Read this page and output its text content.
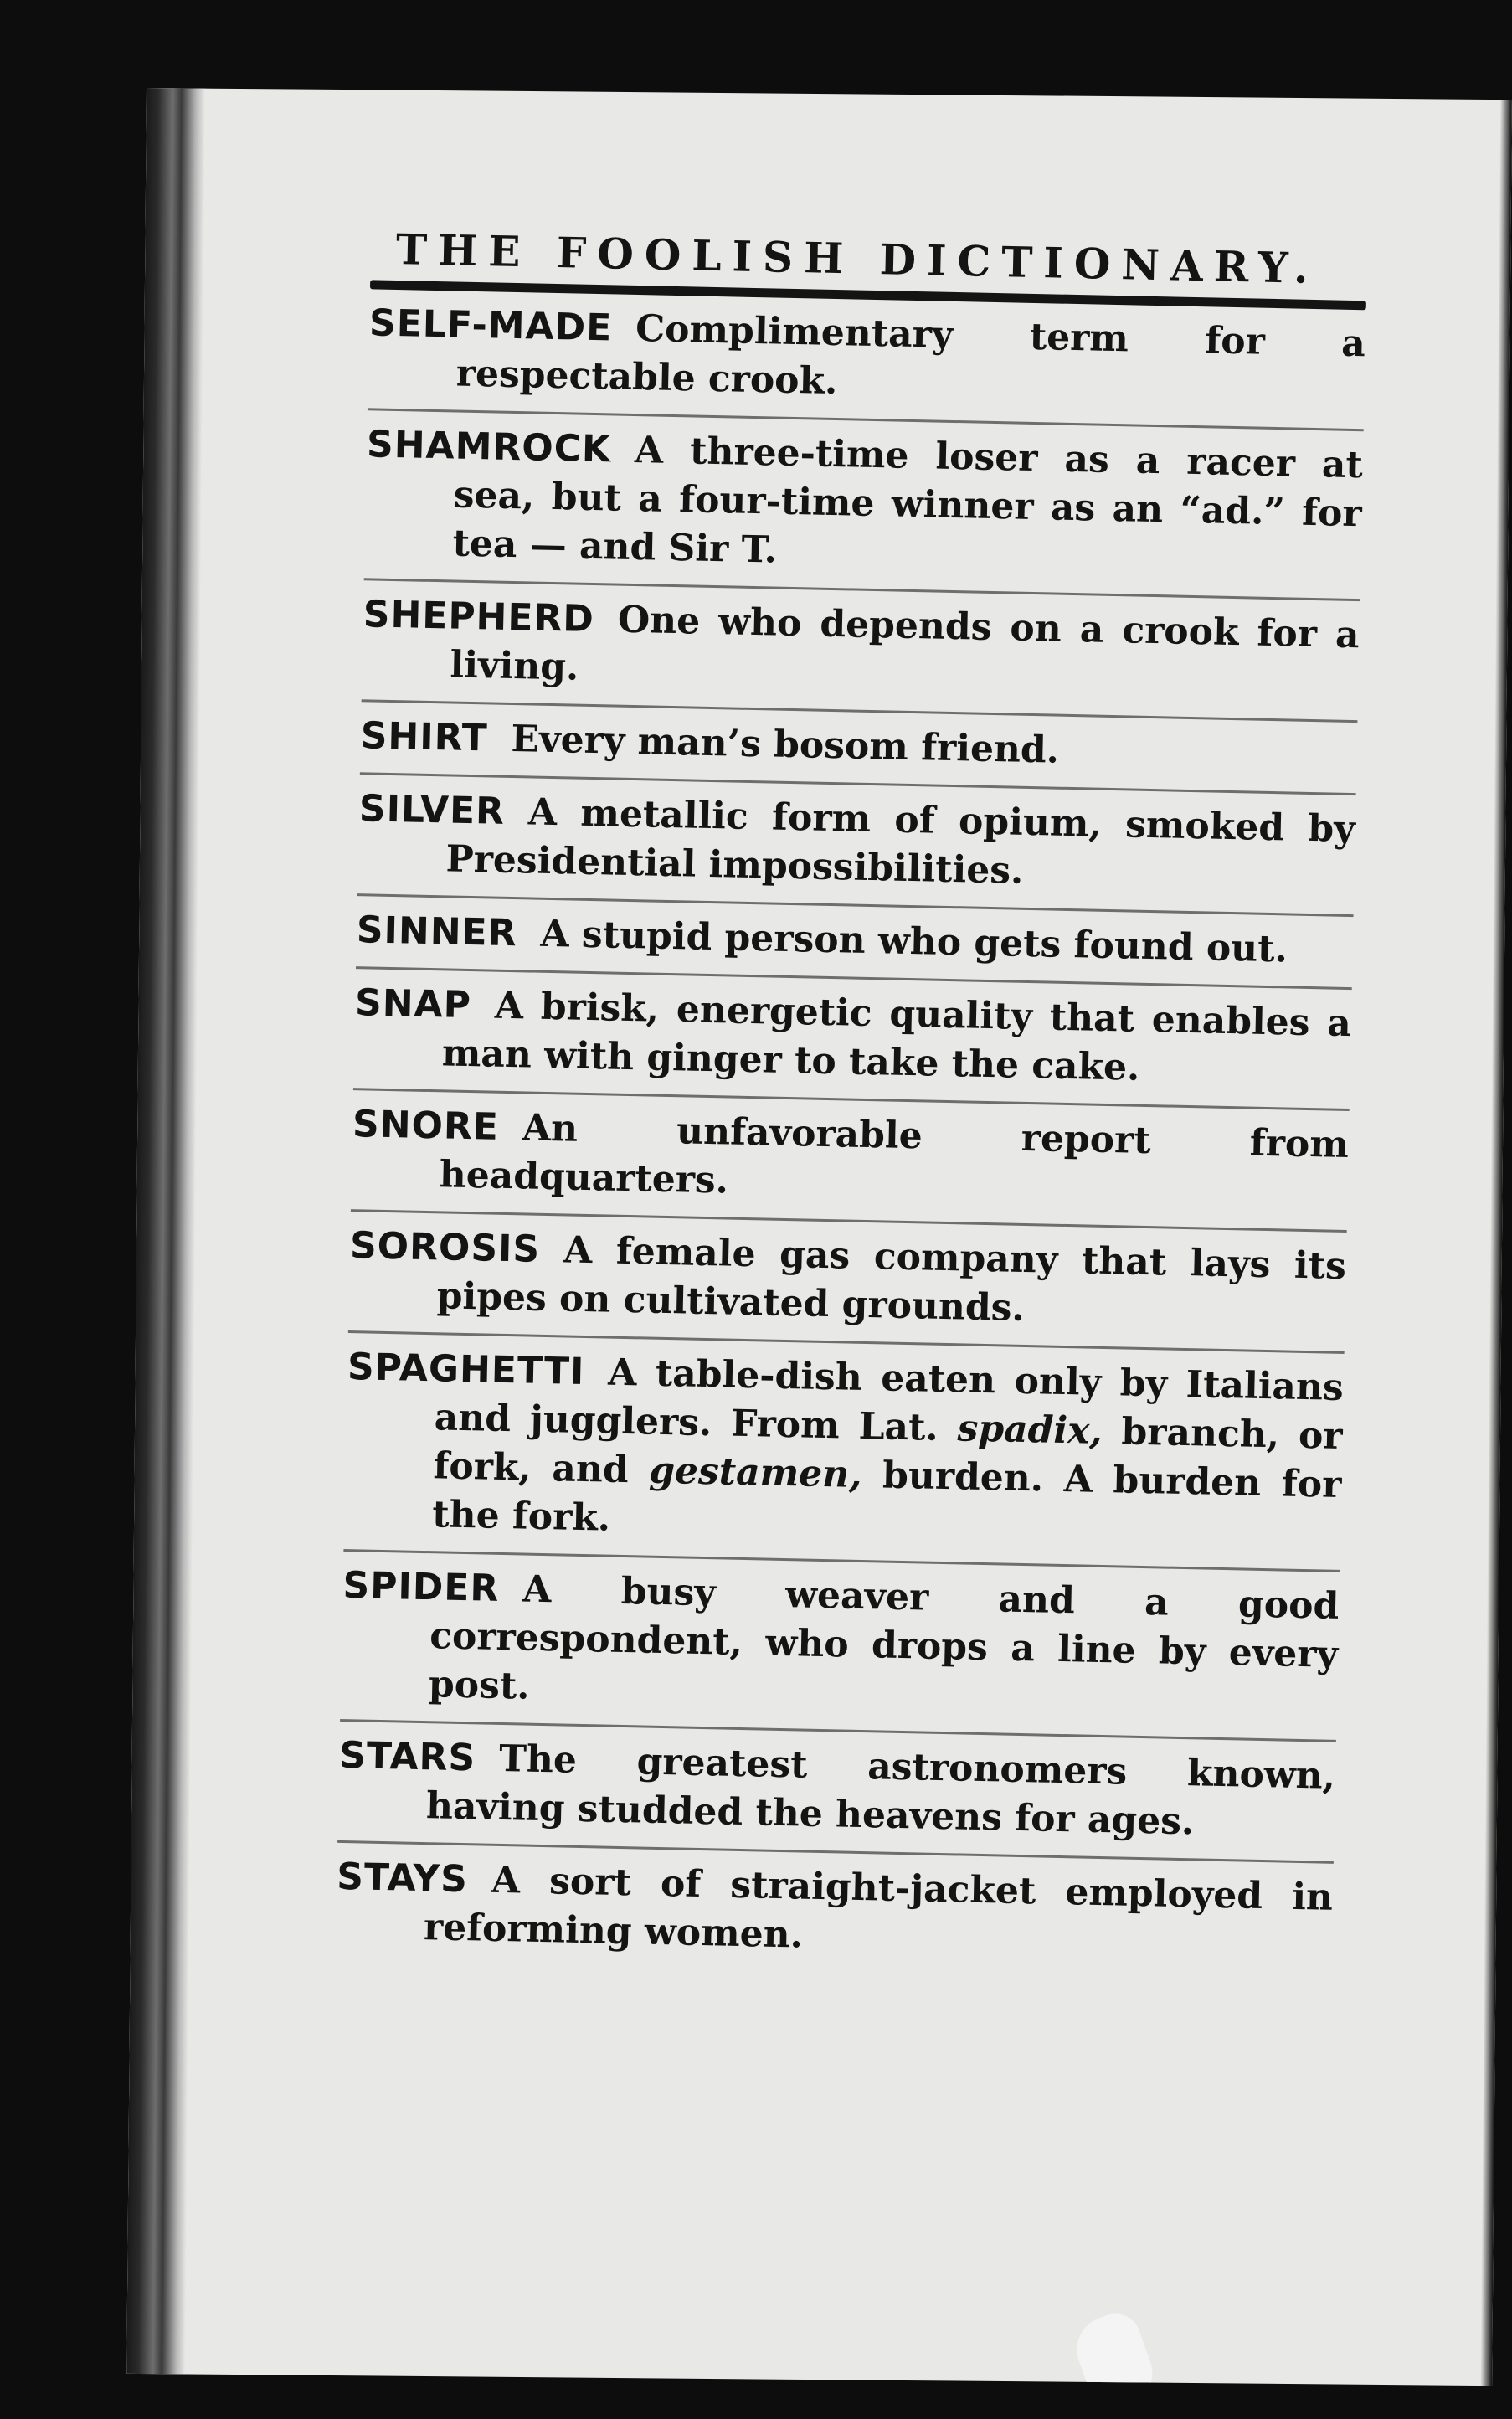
THE FOOLISH DICTIONARY.

SELF-MADE Complimentary term for a respectable crook.

SHAMROCK A three-time loser as a racer at sea, but a four-time winner as an “ad.” for tea — and Sir T.

SHEPHERD One who depends on a crook for a living.

SHIRT Every man’s bosom friend.

SILVER A metallic form of opium, smoked by Presidential impossibilities.

SINNER A stupid person who gets found out.

SNAP A brisk, energetic quality that enables a man with ginger to take the cake.

SNORE An unfavorable report from headquarters.

SOROSIS A female gas company that lays its pipes on cultivated grounds.

SPAGHETTI A table-dish eaten only by Italians and jugglers. From Lat. spadix, branch, or fork, and gestamen, burden. A burden for the fork.

SPIDER A busy weaver and a good correspondent, who drops a line by every post.

STARS The greatest astronomers known, having studded the heavens for ages.

STAYS A sort of straight-jacket employed in reforming women.
